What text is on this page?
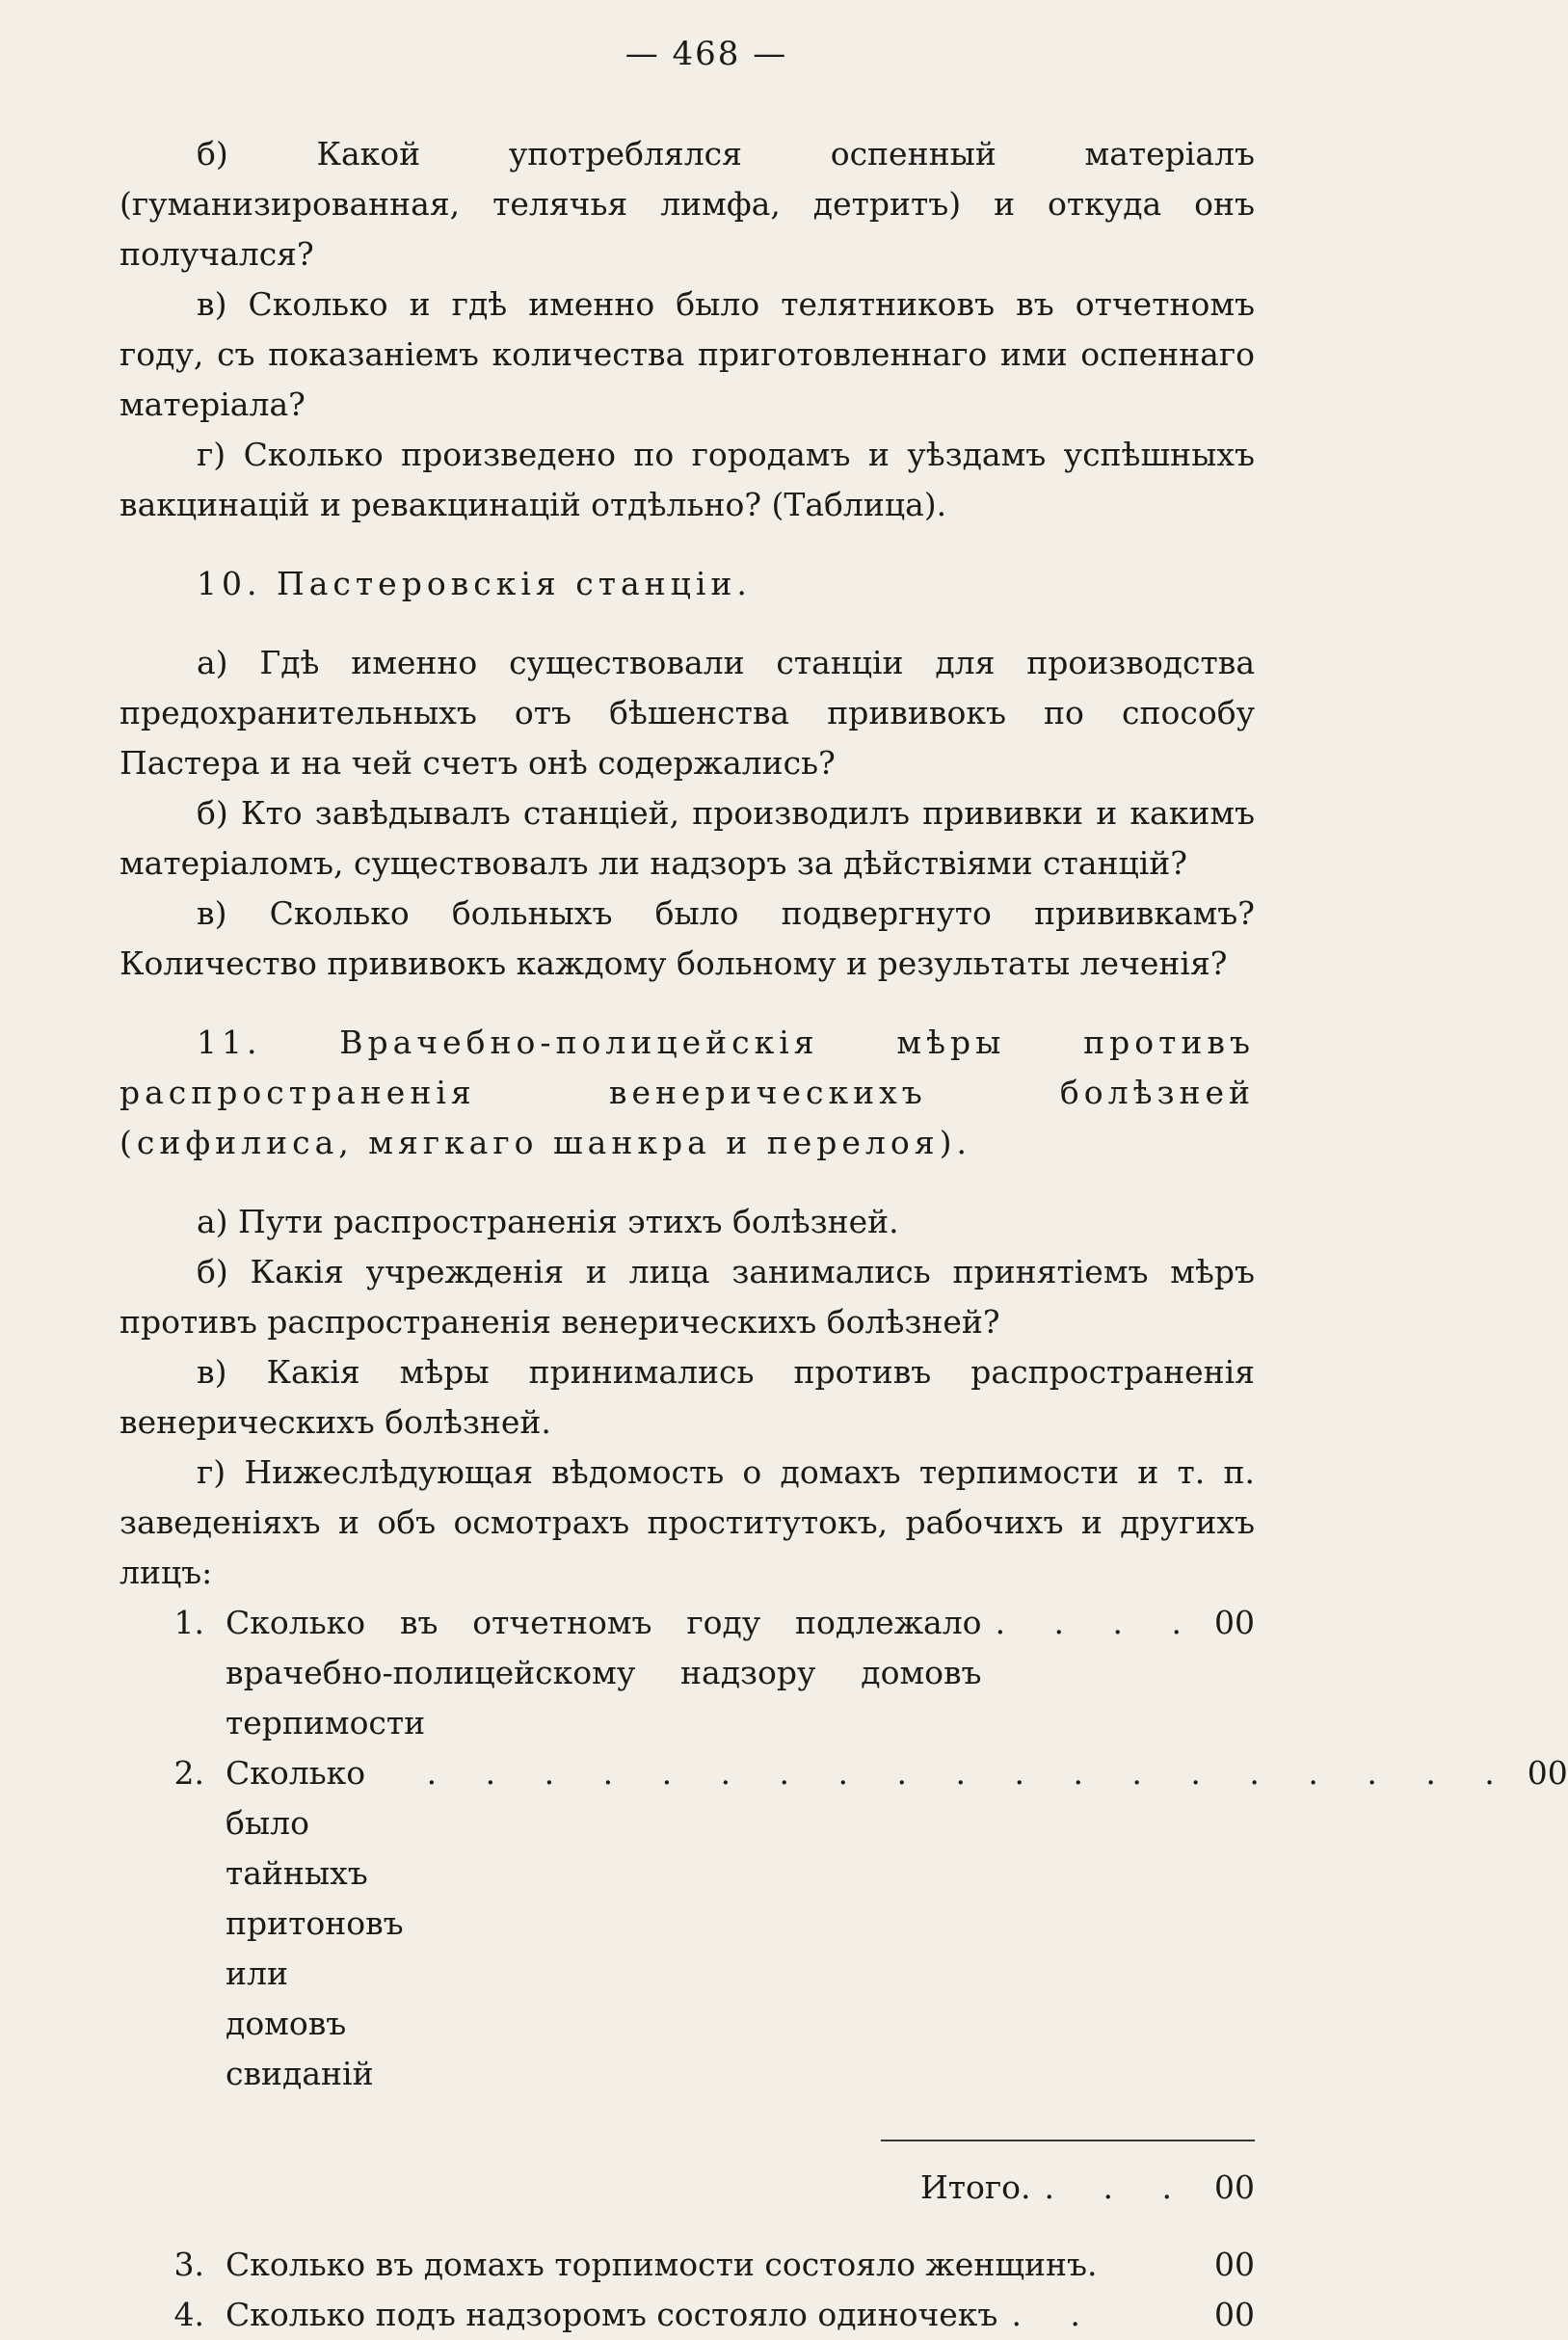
— 468 —

б) Какой употреблялся оспенный матеріалъ (гуманизированная, телячья лимфа, детритъ) и откуда онъ получался?

в) Сколько и гдѣ именно было телятниковъ въ отчетномъ году, съ показаніемъ количества приготовленнаго ими оспеннаго матеріала?

г) Сколько произведено по городамъ и уѣздамъ успѣшныхъ вакцинацій и ревакцинацій отдѣльно? (Таблица).

10. Пастеровскія станціи.

а) Гдѣ именно существовали станціи для производства предохранительныхъ отъ бѣшенства прививокъ по способу Пастера и на чей счетъ онѣ содержались?

б) Кто завѣдывалъ станціей, производилъ прививки и какимъ матеріаломъ, существовалъ ли надзоръ за дѣйствіями станцій?

в) Сколько больныхъ было подвергнуто прививкамъ? Количество прививокъ каждому больному и результаты леченія?

11. Врачебно-полицейскія мѣры противъ распространенія венерическихъ болѣзней (сифилиса, мягкаго шанкра и перелоя).

а) Пути распространенія этихъ болѣзней.

б) Какія учрежденія и лица занимались принятіемъ мѣръ противъ распространенія венерическихъ болѣзней?

в) Какія мѣры принимались противъ распространенія венерическихъ болѣзней.

г) Нижеслѣдующая вѣдомость о домахъ терпимости и т. п. заведеніяхъ и объ осмотрахъ проститутокъ, рабочихъ и другихъ лицъ:

1. Сколько въ отчетномъ году подлежало врачебно-полицейскому надзору домовъ терпимости
. . . . 00
2. Сколько было тайныхъ притоновъ или домовъ свиданій
. . . . . . . . . . . . . . . . . . . 00
Итого. . . . 00
3. Сколько въ домахъ торпимости состояло женщинъ.	00
4. Сколько подъ надзоромъ состояло одиночекъ . .	00
